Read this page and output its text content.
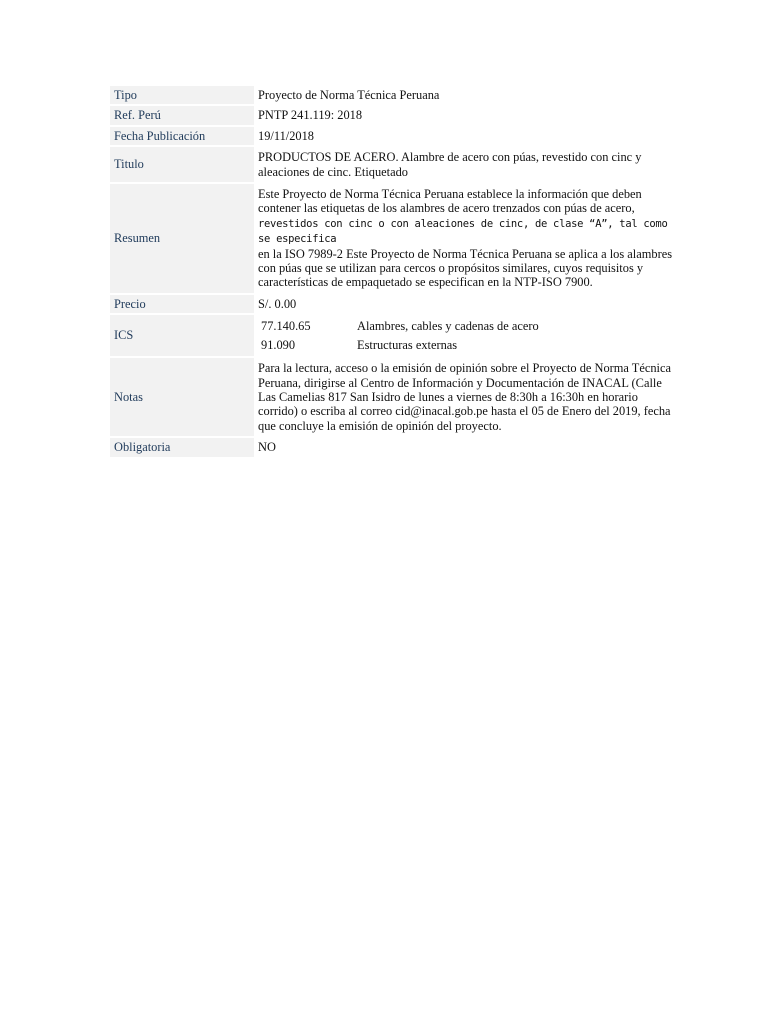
Tipo	Proyecto de Norma Técnica Peruana
Ref. Perú	PNTP 241.119: 2018
Fecha Publicación	19/11/2018
Titulo	PRODUCTOS DE ACERO. Alambre de acero con púas, revestido con cinc y aleaciones de cinc. Etiquetado
Resumen	Este Proyecto de Norma Técnica Peruana establece la información que deben contener las etiquetas de los alambres de acero trenzados con púas de acero,
revestidos con cinc o con aleaciones de cinc, de clase “A”, tal como se especifica
en la ISO 7989-2 Este Proyecto de Norma Técnica Peruana se aplica a los alambres con púas que se utilizan para cercos o propósitos similares, cuyos requisitos y características de empaquetado se especifican en la NTP-ISO 7900.
Precio	S/. 0.00
ICS	
77.140.65	Alambres, cables y cadenas de acero
91.090	Estructuras externas

Notas	Para la lectura, acceso o la emisión de opinión sobre el Proyecto de Norma Técnica Peruana, dirigirse al Centro de Información y Documentación de INACAL (Calle Las Camelias 817 San Isidro de lunes a viernes de 8:30h a 16:30h en horario corrido) o escriba al correo cid@inacal.gob.pe hasta el 05 de Enero del 2019, fecha que concluye la emisión de opinión del proyecto.
Obligatoria	NO
